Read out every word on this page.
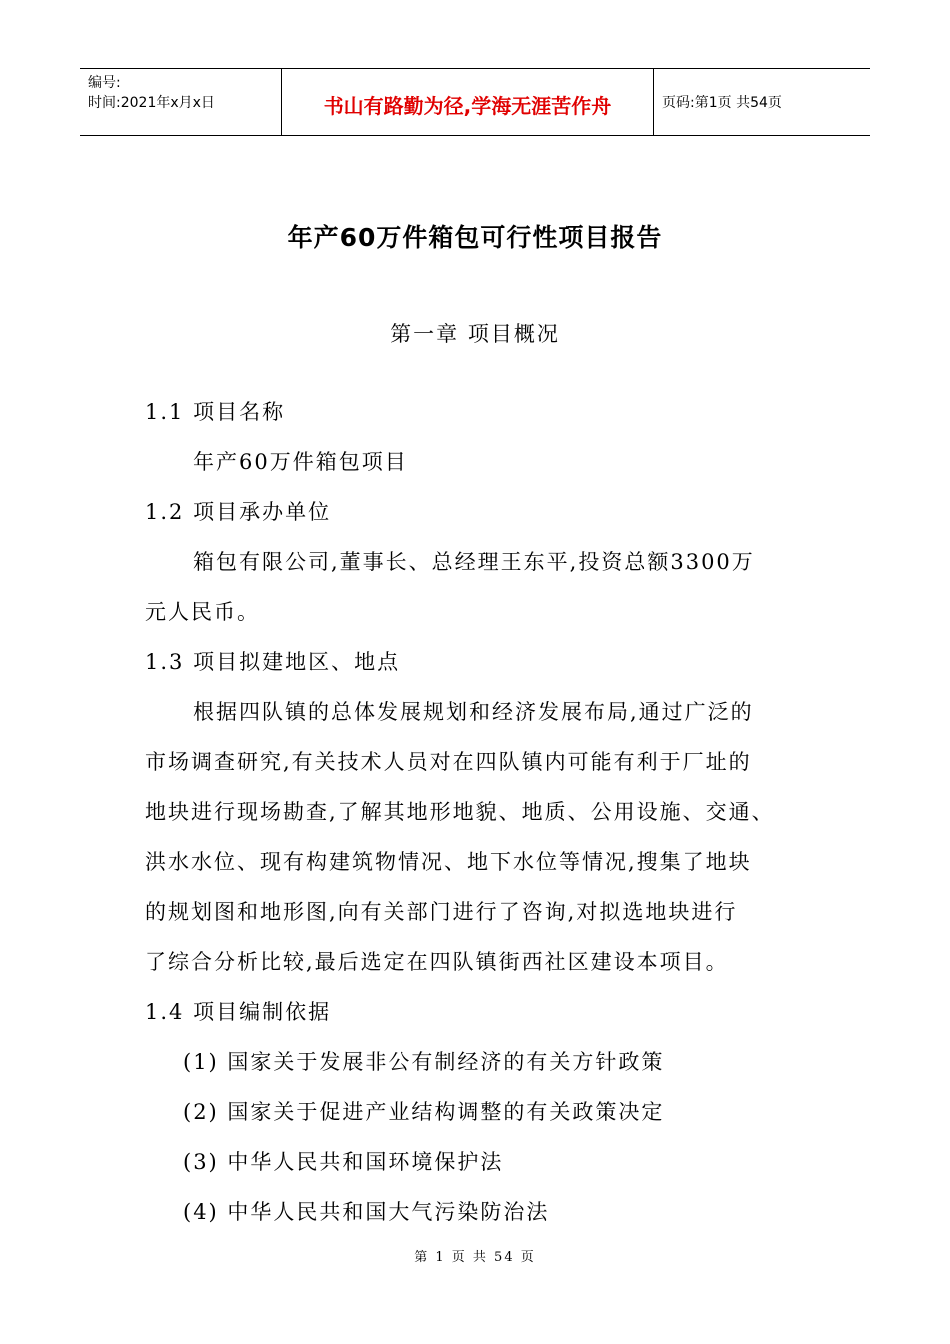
编号:
时间:2021年x月x日	书山有路勤为径,学海无涯苦作舟	页码:第1页 共54页
年产60万件箱包可行性项目报告
第一章 项目概况
1.1 项目名称
年产60万件箱包项目
1.2 项目承办单位
箱包有限公司,董事长、总经理王东平,投资总额3300万
元人民币。
1.3 项目拟建地区、地点
根据四队镇的总体发展规划和经济发展布局,通过广泛的
市场调查研究,有关技术人员对在四队镇内可能有利于厂址的
地块进行现场勘查,了解其地形地貌、地质、公用设施、交通、
洪水水位、现有构建筑物情况、地下水位等情况,搜集了地块
的规划图和地形图,向有关部门进行了咨询,对拟选地块进行
了综合分析比较,最后选定在四队镇街西社区建设本项目。
1.4 项目编制依据
(1) 国家关于发展非公有制经济的有关方针政策
(2) 国家关于促进产业结构调整的有关政策决定
(3) 中华人民共和国环境保护法
(4) 中华人民共和国大气污染防治法
第 1 页 共 54 页
